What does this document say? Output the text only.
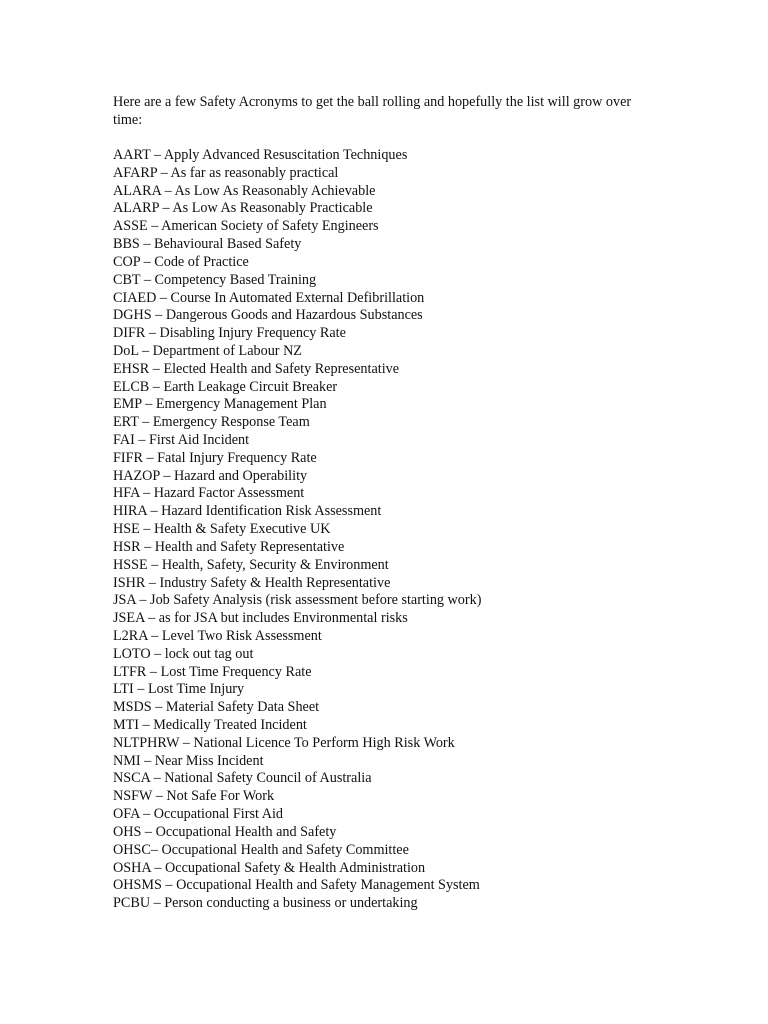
Here are a few Safety Acronyms to get the ball rolling and hopefully the list will grow over time:

AART – Apply Advanced Resuscitation Techniques
AFARP – As far as reasonably practical
ALARA – As Low As Reasonably Achievable
ALARP – As Low As Reasonably Practicable
ASSE – American Society of Safety Engineers
BBS – Behavioural Based Safety
COP – Code of Practice
CBT – Competency Based Training
CIAED – Course In Automated External Defibrillation
DGHS – Dangerous Goods and Hazardous Substances
DIFR – Disabling Injury Frequency Rate
DoL – Department of Labour NZ
EHSR – Elected Health and Safety Representative
ELCB – Earth Leakage Circuit Breaker
EMP – Emergency Management Plan
ERT – Emergency Response Team
FAI – First Aid Incident
FIFR – Fatal Injury Frequency Rate
HAZOP – Hazard and Operability
HFA – Hazard Factor Assessment
HIRA – Hazard Identification Risk Assessment
HSE – Health & Safety Executive UK
HSR – Health and Safety Representative
HSSE – Health, Safety, Security & Environment
ISHR – Industry Safety & Health Representative
JSA – Job Safety Analysis (risk assessment before starting work)
JSEA – as for JSA but includes Environmental risks
L2RA – Level Two Risk Assessment
LOTO – lock out tag out
LTFR – Lost Time Frequency Rate
LTI – Lost Time Injury
MSDS – Material Safety Data Sheet
MTI – Medically Treated Incident
NLTPHRW – National Licence To Perform High Risk Work
NMI – Near Miss Incident
NSCA – National Safety Council of Australia
NSFW – Not Safe For Work
OFA – Occupational First Aid
OHS – Occupational Health and Safety
OHSC– Occupational Health and Safety Committee
OSHA – Occupational Safety & Health Administration
OHSMS – Occupational Health and Safety Management System
PCBU – Person conducting a business or undertaking
